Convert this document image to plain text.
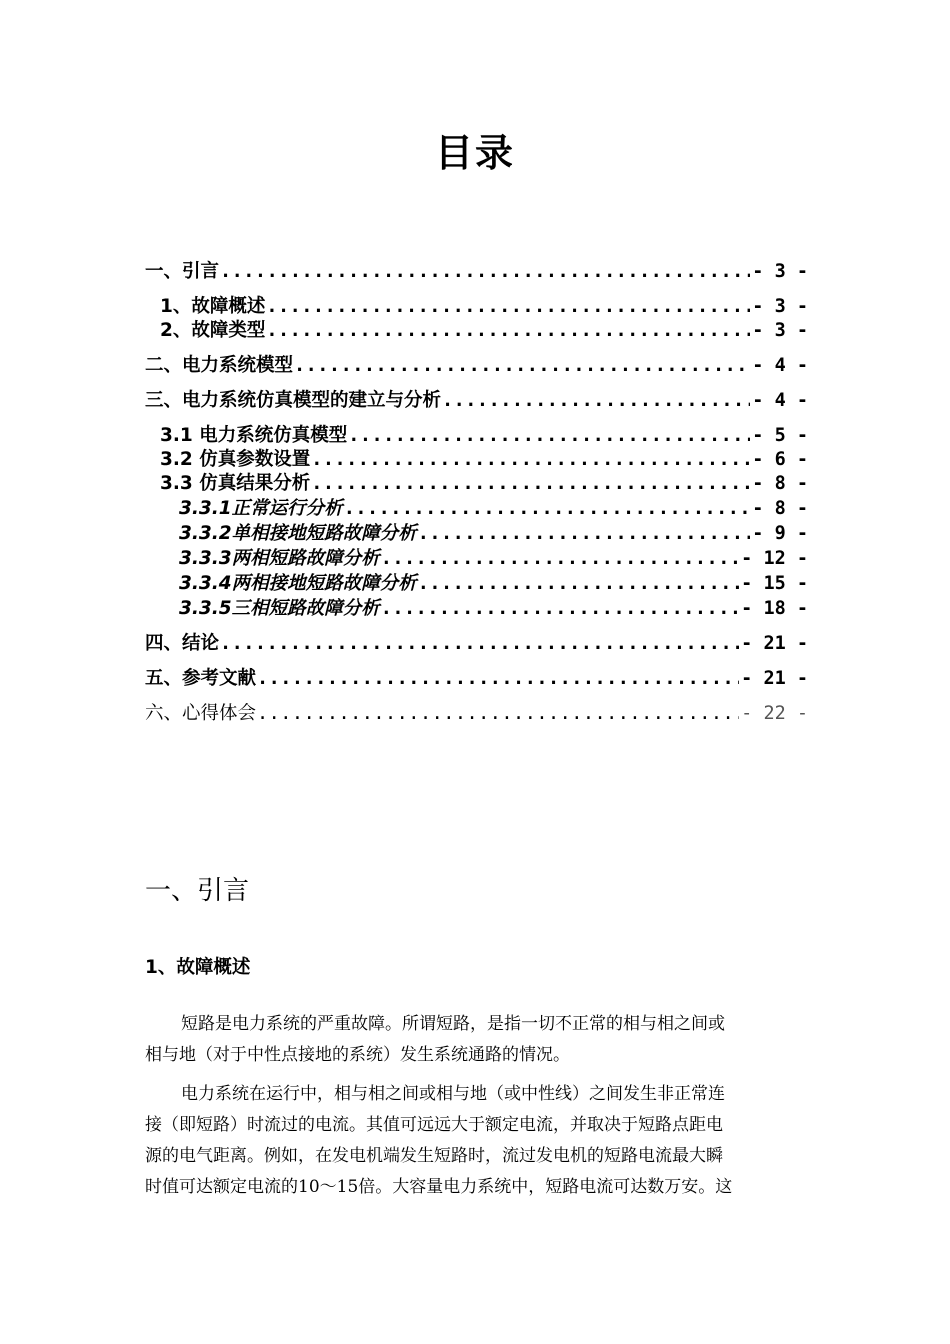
目录
一、引言 .....	- 3 -
1、故障概述 .....	- 3 -
2、故障类型 .....	- 3 -
二、电力系统模型 .....	- 4 -
三、电力系统仿真模型的建立与分析 .....	- 4 -
3.1 电力系统仿真模型 .....	- 5 -
3.2 仿真参数设置 .....	- 6 -
3.3 仿真结果分析 .....	- 8 -
3.3.1正常运行分析 .....	- 8 -
3.3.2单相接地短路故障分析 .....	- 9 -
3.3.3两相短路故障分析 .....	- 12 -
3.3.4两相接地短路故障分析 .....	- 15 -
3.3.5三相短路故障分析 .....	- 18 -
四、结论 .....	- 21 -
五、参考文献 .....	- 21 -
六、心得体会 .....	- 22 -
一、引言
1、故障概述
短路是电力系统的严重故障。所谓短路，是指一切不正常的相与相之间或
相与地（对于中性点接地的系统）发生系统通路的情况。
电力系统在运行中，相与相之间或相与地（或中性线）之间发生非正常连
接（即短路）时流过的电流。其值可远远大于额定电流，并取决于短路点距电
源的电气距离。例如，在发电机端发生短路时，流过发电机的短路电流最大瞬
时值可达额定电流的10～15倍。大容量电力系统中，短路电流可达数万安。这
